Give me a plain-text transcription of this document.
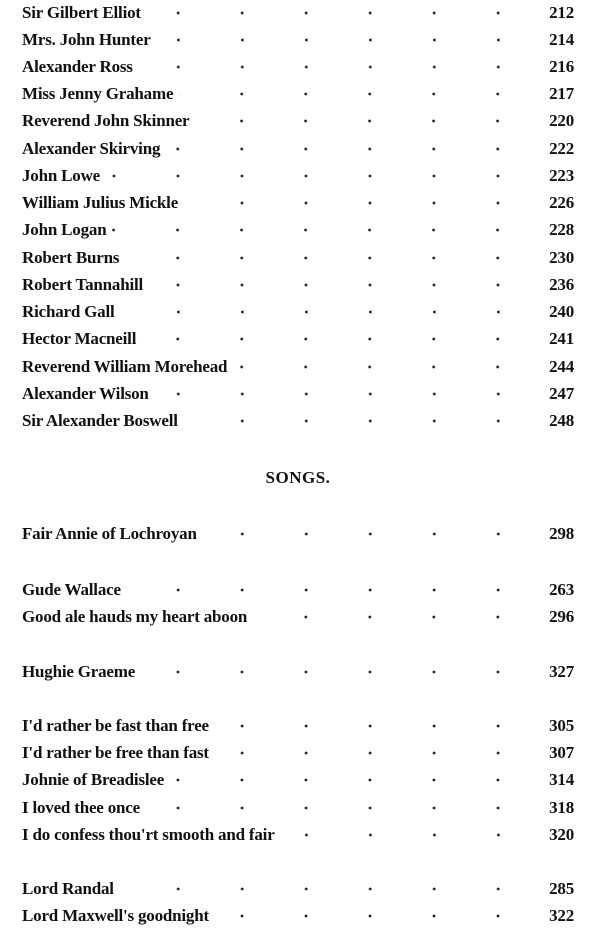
Sir Gilbert Elliot	212
Mrs. John Hunter	214
Alexander Ross	216
Miss Jenny Grahame	217
Reverend John Skinner	220
Alexander Skirving	222
John Lowe	223
William Julius Mickle	226
John Logan	228
Robert Burns	230
Robert Tannahill	236
Richard Gall	240
Hector Macneill	241
Reverend William Morehead	244
Alexander Wilson	247
Sir Alexander Boswell	248
SONGS.
Fair Annie of Lochroyan	298
Gude Wallace	263
Good ale hauds my heart aboon	296
Hughie Graeme	327
I'd rather be fast than free	305
I'd rather be free than fast	307
Johnie of Breadislee	314
I loved thee once	318
I do confess thou'rt smooth and fair	320
Lord Randal	285
Lord Maxwell's goodnight	322
